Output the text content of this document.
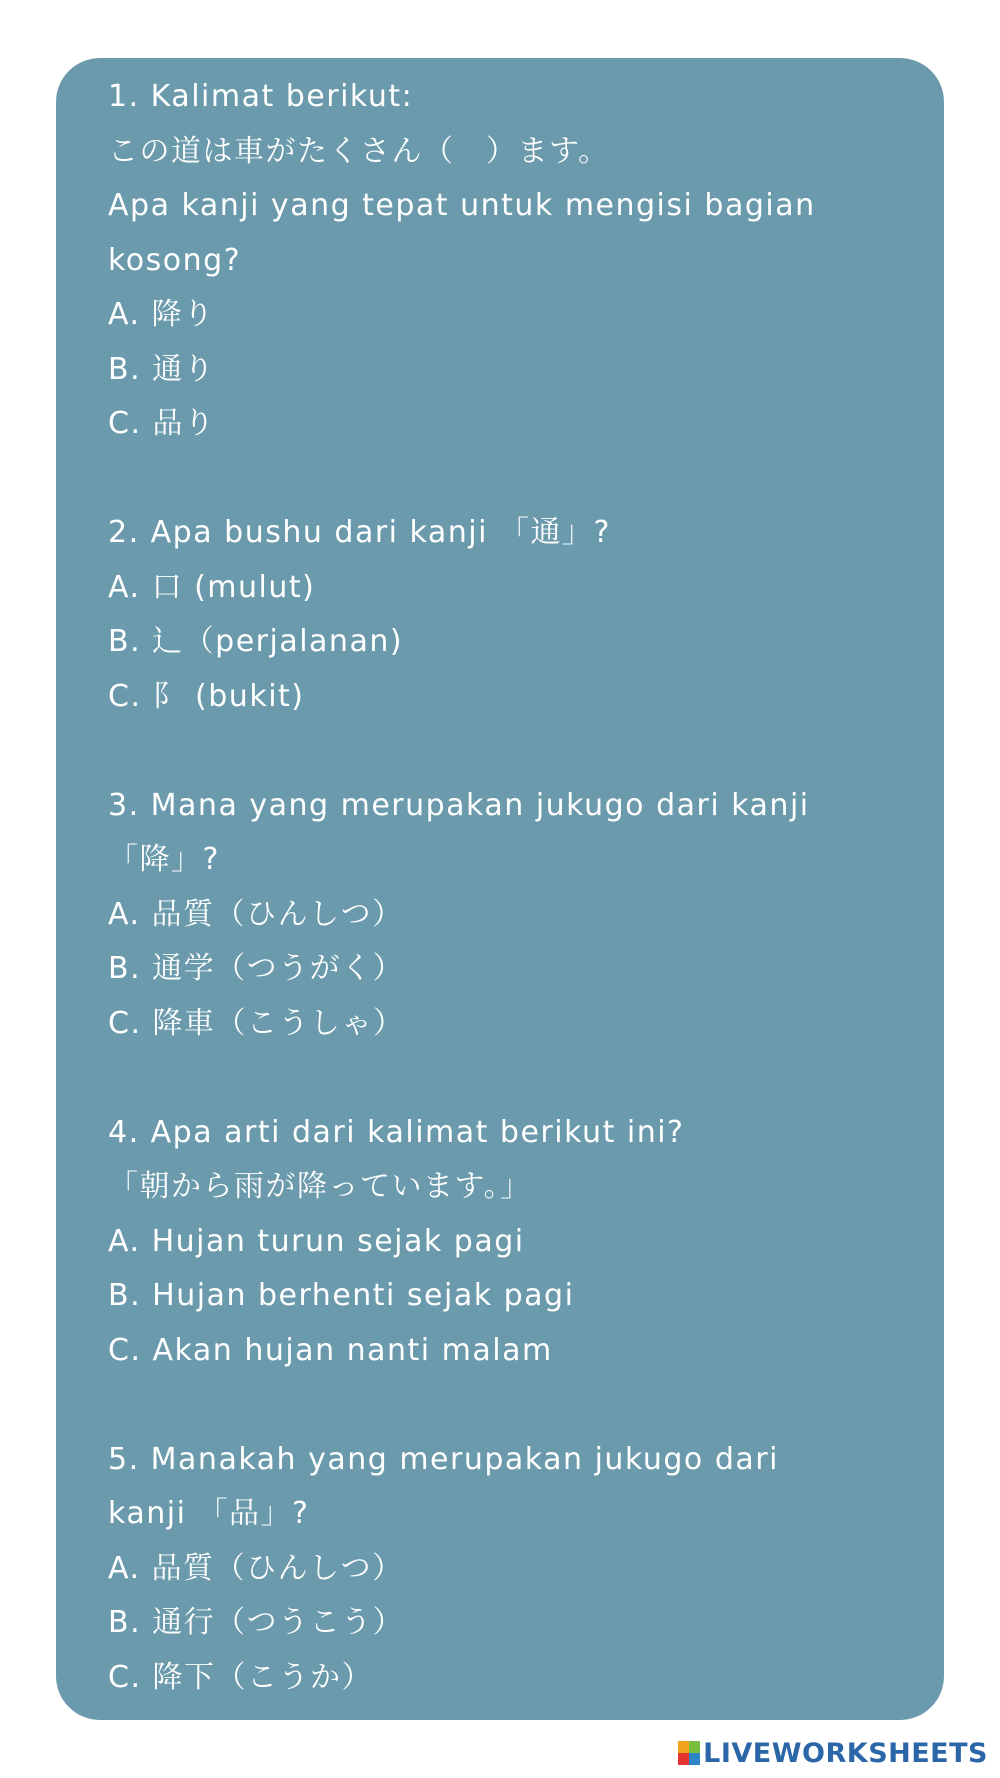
1. Kalimat berikut:
この道は車がたくさん（　）ます。
Apa kanji yang tepat untuk mengisi bagian
kosong?
A. 降り
B. 通り
C. 品り
2. Apa bushu dari kanji 「通」?
A. 口 (mulut)
B. 辶（perjalanan)
C. 阝 (bukit)
3. Mana yang merupakan jukugo dari kanji
「降」?
A. 品質（ひんしつ）
B. 通学（つうがく）
C. 降車（こうしゃ）
4. Apa arti dari kalimat berikut ini?
「朝から雨が降っています。」
A. Hujan turun sejak pagi
B. Hujan berhenti sejak pagi
C. Akan hujan nanti malam
5. Manakah yang merupakan jukugo dari
kanji 「品」?
A. 品質（ひんしつ）
B. 通行（つうこう）
C. 降下（こうか）
LIVEWORKSHEETS
